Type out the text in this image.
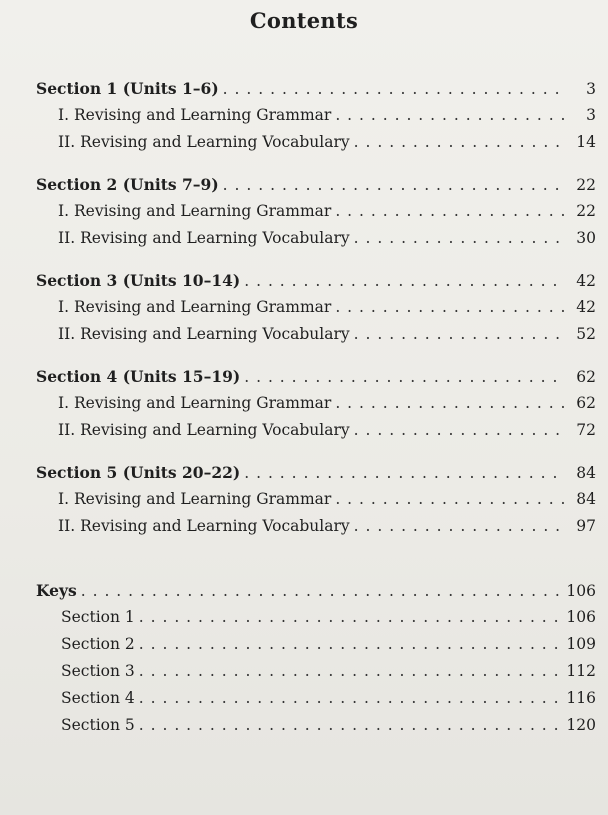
Contents
Section 1 (Units 1–6) . . .	3
I. Revising and Learning Grammar . . .	3
II. Revising and Learning Vocabulary . . .	14
Section 2 (Units 7–9) . . .	22
I. Revising and Learning Grammar . . .	22
II. Revising and Learning Vocabulary . . .	30
Section 3 (Units 10–14) . . .	42
I. Revising and Learning Grammar . . .	42
II. Revising and Learning Vocabulary . . .	52
Section 4 (Units 15–19) . . .	62
I. Revising and Learning Grammar . . .	62
II. Revising and Learning Vocabulary . . .	72
Section 5 (Units 20–22) . . .	84
I. Revising and Learning Grammar . . .	84
II. Revising and Learning Vocabulary . . .	97
Keys . . .	106
Section 1 . . .	106
Section 2 . . .	109
Section 3 . . .	112
Section 4 . . .	116
Section 5 . . .	120
